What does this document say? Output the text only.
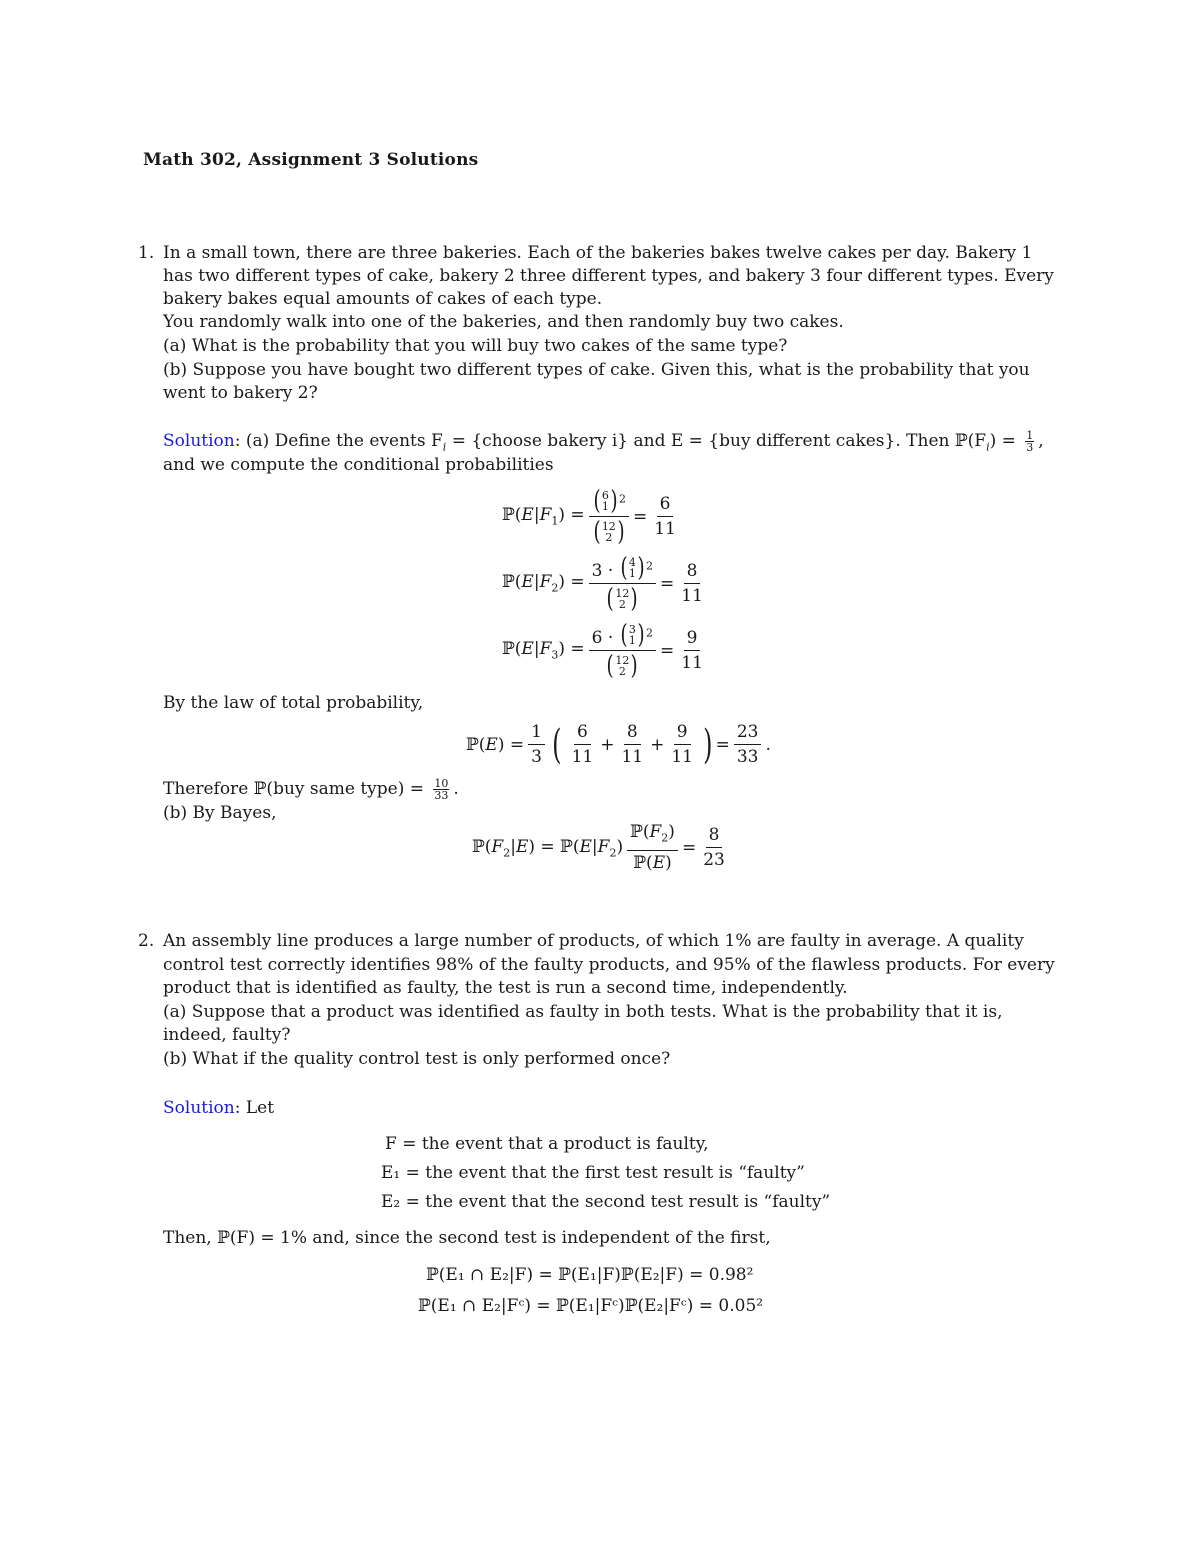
Math 302, Assignment 3 Solutions
1. In a small town, there are three bakeries. Each of the bakeries bakes twelve cakes per day. Bakery 1
has two different types of cake, bakery 2 three different types, and bakery 3 four different types. Every
bakery bakes equal amounts of cakes of each type.
You randomly walk into one of the bakeries, and then randomly buy two cakes.
(a) What is the probability that you will buy two cakes of the same type?
(b) Suppose you have bought two different types of cake. Given this, what is the probability that you
went to bakery 2?
Solution: (a) Define the events $F_i$ = {choose bakery i} and E = {buy different cakes}. Then $ℙ(F_i) = \frac{1}{3}$ ,
and we compute the conditional probabilities
$ℙ(E|F_1)$ = ( 6
1 ) $^2$
( 12
2 ) = $\frac{6}{11}$
$ℙ(E|F_2) = 3$ · ( 4
1 ) $^2$
( 12
2 ) = $\frac{8}{11}$
$ℙ(E|F_3) = 6$ · ( 3
1 ) $^2$
( 12
2 ) = $\frac{9}{11}$
By the law of total probability,
ℙ(E) = $\frac{1}{3}$ ( $\frac{6}{11} + \frac{8}{11} + \frac{9}{11}$ ) = $\frac{23}{33}$ .
Therefore ℙ(buy same type) = $\frac{10}{33}$ .
(b) By Bayes,
$ℙ(F_2|E)$ = $ℙ(E|F_2) \frac{ℙ(F_2)}{\text{ℙ(E)}} = \frac{8}{23}$
2. An assembly line produces a large number of products, of which 1% are faulty in average. A quality
control test correctly identifies 98% of the faulty products, and 95% of the flawless products. For every
product that is identified as faulty, the test is run a second time, independently.
(a) Suppose that a product was identified as faulty in both tests. What is the probability that it is,
indeed, faulty?
(b) What if the quality control test is only performed once?
Solution: Let
F = the event that a product is faulty,
E₁ = the event that the first test result is “faulty”
E₂ = the event that the second test result is “faulty”
Then, ℙ(F) = 1% and, since the second test is independent of the first,
ℙ(E₁ ∩ E₂|F) = ℙ(E₁|F)ℙ(E₂|F) = 0.98²
ℙ(E₁ ∩ E₂|Fᶜ) = ℙ(E₁|Fᶜ)ℙ(E₂|Fᶜ) = 0.05²
